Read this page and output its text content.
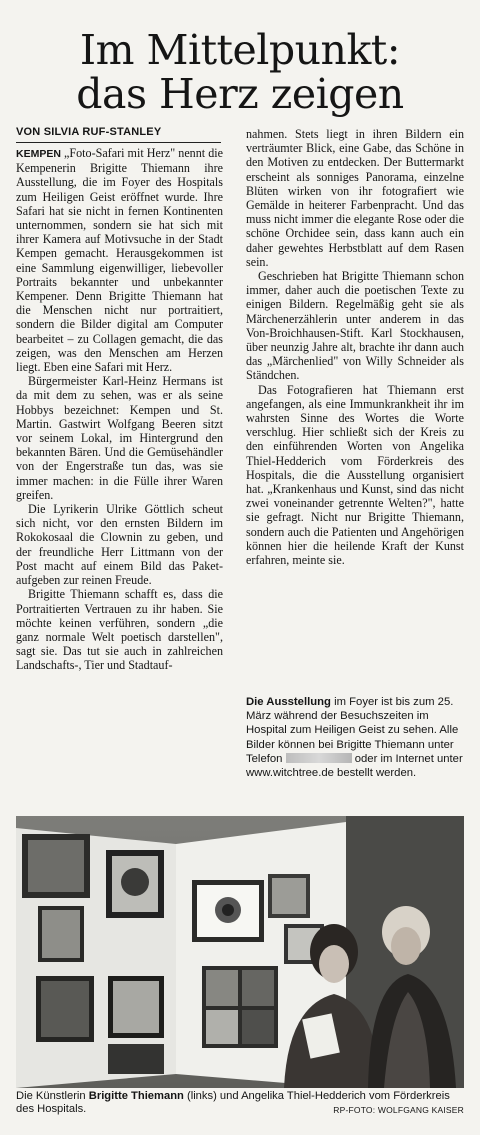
Im Mittelpunkt:
das Herz zeigen
VON SILVIA RUF-STANLEY

KEMPEN „Foto-Safari mit Herz" nennt die Kempenerin Brigitte Thiemann ihre Ausstellung, die im Foyer des Hospitals zum Heiligen Geist eröffnet wurde. Ihre Safari hat sie nicht in fernen Kontinenten unternommen, sondern sie hat sich mit ihrer Kamera auf Motivsuche in der Stadt Kempen gemacht. Herausgekommen ist eine Sammlung eigenwilliger, liebevoller Portraits bekannter und unbekannter Kempener. Denn Brigitte Thiemann hat die Menschen nicht nur portraitiert, sondern die Bilder digital am Computer bearbeitet – zu Collagen gemacht, die das zeigen, was den Menschen am Herzen liegt. Eben eine Safari mit Herz.

Bürgermeister Karl-Heinz Hermans ist da mit dem zu sehen, was er als seine Hobbys bezeichnet: Kempen und St. Martin. Gastwirt Wolfgang Beeren sitzt vor seinem Lokal, im Hintergrund den bekannten Bären. Und die Gemüsehändler von der Engerstraße tun das, was sie immer machen: in die Fülle ihrer Waren greifen.

Die Lyrikerin Ulrike Göttlich scheut sich nicht, vor den ernsten Bildern im Rokokosaal die Clownin zu geben, und der freundliche Herr Littmann von der Post macht auf einem Bild das Paket-aufgeben zur reinen Freude.

Brigitte Thiemann schafft es, dass die Portraitierten Vertrauen zu ihr haben. Sie möchte keinen verführen, sondern „die ganz normale Welt poetisch darstellen", sagt sie. Das tut sie auch in zahlreichen Landschafts-, Tier und Stadtauf-

nahmen. Stets liegt in ihren Bildern ein verträumter Blick, eine Gabe, das Schöne in den Motiven zu entdecken. Der Buttermarkt erscheint als sonniges Panorama, einzelne Blüten wirken von ihr fotografiert wie Gemälde in heiterer Farbenpracht. Und das muss nicht immer die elegante Rose oder die schöne Orchidee sein, dass kann auch ein daher gewehtes Herbstblatt auf dem Rasen sein.

Geschrieben hat Brigitte Thiemann schon immer, daher auch die poetischen Texte zu einigen Bildern. Regelmäßig geht sie als Märchenerzählerin unter anderem in das Von-Broichhausen-Stift. Karl Stockhausen, über neunzig Jahre alt, brachte ihr dann auch das „Märchenlied" von Willy Schneider als Ständchen.

Das Fotografieren hat Thiemann erst angefangen, als eine Immunkrankheit ihr im wahrsten Sinne des Wortes die Worte verschlug. Hier schließt sich der Kreis zu den einführenden Worten von Angelika Thiel-Hedderich vom Förderkreis des Hospitals, die die Ausstellung organisiert hat. „Krankenhaus und Kunst, sind das nicht zwei voneinander getrennte Welten?", hatte sie gefragt. Nicht nur Brigitte Thiemann, sondern auch die Patienten und Angehörigen können hier die heilende Kraft der Kunst erfahren, meinte sie.

Die Ausstellung im Foyer ist bis zum 25. März während der Besuchszeiten im Hospital zum Heiligen Geist zu sehen. Alle Bilder können bei Brigitte Thiemann unter Telefon	oder im Internet unter www.witchtree.de bestellt werden.
Die Künstlerin Brigitte Thiemann (links) und Angelika Thiel-Hedderich vom Förderkreis des Hospitals.	RP-FOTO: WOLFGANG KAISER
